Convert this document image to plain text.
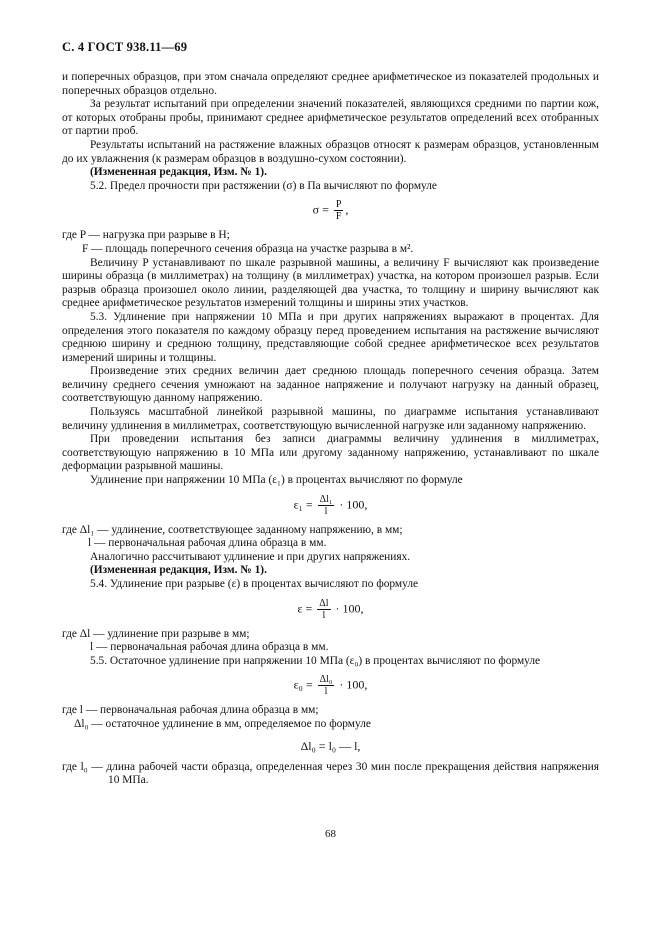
С. 4 ГОСТ 938.11—69

и поперечных образцов, при этом сначала определяют среднее арифметическое из показателей продольных и поперечных образцов отдельно.

За результат испытаний при определении значений показателей, являющихся средними по партии кож, от которых отобраны пробы, принимают среднее арифметическое результатов определений всех отобранных от партии проб.

Результаты испытаний на растяжение влажных образцов относят к размерам образцов, установленным до их увлажнения (к размерам образцов в воздушно-сухом состоянии).

(Измененная редакция, Изм. № 1).

5.2. Предел прочности при растяжении (σ) в Па вычисляют по формуле

$\sigma = \frac{P}{F}$ ,

где P — нагрузка при разрыве в Н;

F — площадь поперечного сечения образца на участке разрыва в м².

Величину P устанавливают по шкале разрывной машины, а величину F вычисляют как произведение ширины образца (в миллиметрах) на толщину (в миллиметрах) участка, на котором произошел разрыв. Если разрыв образца произошел около линии, разделяющей два участка, то толщину и ширину вычисляют как среднее арифметическое результатов измерений толщины и ширины этих участков.

5.3. Удлинение при напряжении 10 МПа и при других напряжениях выражают в процентах. Для определения этого показателя по каждому образцу перед проведением испытания на растяжение вычисляют среднюю ширину и среднюю толщину, представляющие собой среднее арифметическое всех результатов измерений ширины и толщины.

Произведение этих средних величин дает среднюю площадь поперечного сечения образца. Затем величину среднего сечения умножают на заданное напряжение и получают нагрузку на данный образец, соответствующую данному напряжению.

Пользуясь масштабной линейкой разрывной машины, по диаграмме испытания устанавливают величину удлинения в миллиметрах, соответствующую вычисленной нагрузке или заданному напряжению.

При проведении испытания без записи диаграммы величину удлинения в миллиметрах, соответствующую напряжению в 10 МПа или другому заданному напряжению, устанавливают по шкале деформации разрывной машины.

Удлинение при напряжении 10 МПа (ε₁) в процентах вычисляют по формуле

$\varepsilon_1 = \frac{\text{Δl₁}}{l} \cdot 100$,

где Δl₁ — удлинение, соответствующее заданному напряжению, в мм;

l — первоначальная рабочая длина образца в мм.

Аналогично рассчитывают удлинение и при других напряжениях.

(Измененная редакция, Изм. № 1).

5.4. Удлинение при разрыве (ε) в процентах вычисляют по формуле

$\varepsilon = \frac{\Delta l}{l} \cdot 100$,

где Δl — удлинение при разрыве в мм;

l — первоначальная рабочая длина образца в мм.

5.5. Остаточное удлинение при напряжении 10 МПа (ε₀) в процентах вычисляют по формуле

$\varepsilon_0 = \frac{\text{Δl₀}}{l} \cdot 100$,

где l — первоначальная рабочая длина образца в мм;

Δl₀ — остаточное удлинение в мм, определяемое по формуле

Δl₀ = l₀ — l,

где l₀ — длина рабочей части образца, определенная через 30 мин после прекращения действия напряжения 10 МПа.

68
